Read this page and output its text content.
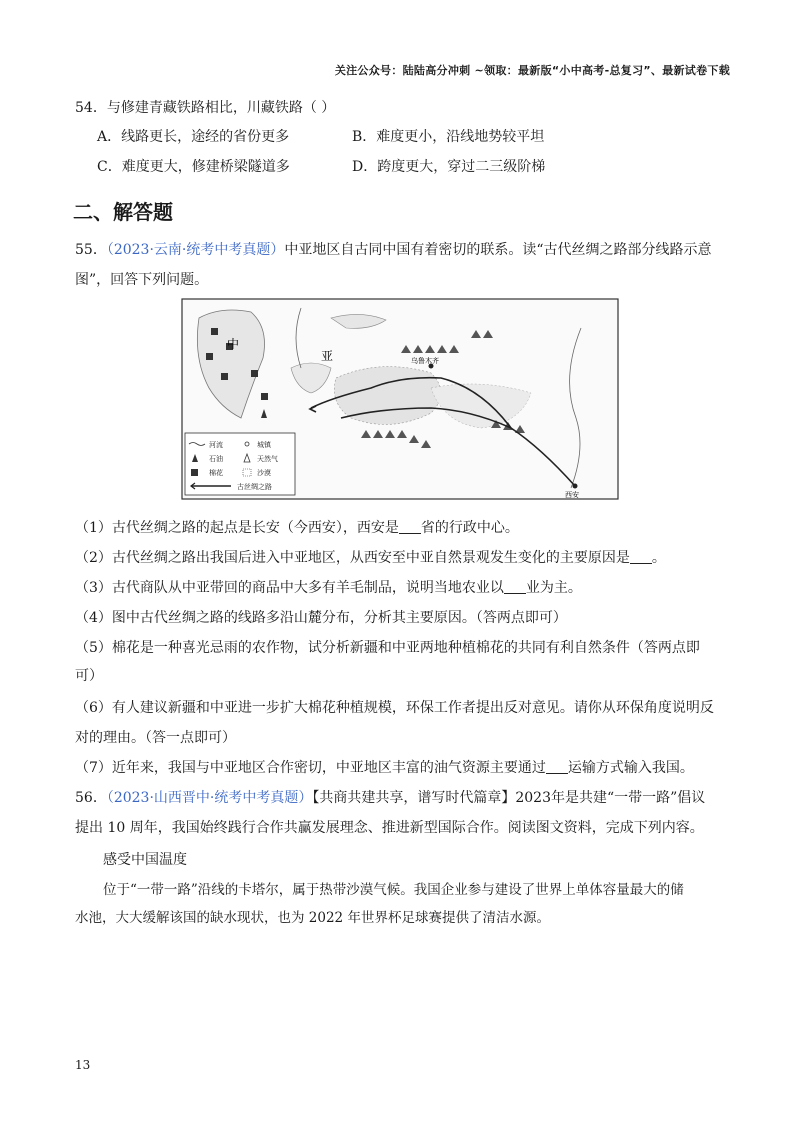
关注公众号：陆陆高分冲刺 ~领取：最新版“小中高考-总复习”、最新试卷下载
54．与修建青藏铁路相比，川藏铁路（ ）
A．线路更长，途经的省份更多	B．难度更小，沿线地势较平坦
C．难度更大，修建桥梁隧道多	D．跨度更大，穿过二三级阶梯
二、解答题
55．（2023·云南·统考中考真题）中亚地区自古同中国有着密切的联系。读“古代丝绸之路部分线路示意
图”，回答下列问题。
中
亚	乌鲁木齐
西安
河流	城镇
石油	天然气
棉花	沙漠
古丝绸之路
（1）古代丝绸之路的起点是长安（今西安），西安是 省的行政中心。
（2）古代丝绸之路出我国后进入中亚地区，从西安至中亚自然景观发生变化的主要原因是 。
（3）古代商队从中亚带回的商品中大多有羊毛制品，说明当地农业以 业为主。
（4）图中古代丝绸之路的线路多沿山麓分布，分析其主要原因。（答两点即可）
（5）棉花是一种喜光忌雨的农作物，试分析新疆和中亚两地种植棉花的共同有利自然条件（答两点即
可）
（6）有人建议新疆和中亚进一步扩大棉花种植规模，环保工作者提出反对意见。请你从环保角度说明反
对的理由。（答一点即可）
（7）近年来，我国与中亚地区合作密切，中亚地区丰富的油气资源主要通过 运输方式输入我国。
56．（2023·山西晋中·统考中考真题）【共商共建共享，谱写时代篇章】2023年是共建“一带一路”倡议
提出 10 周年，我国始终践行合作共赢发展理念、推进新型国际合作。阅读图文资料，完成下列内容。
感受中国温度
位于“一带一路”沿线的卡塔尔，属于热带沙漠气候。我国企业参与建设了世界上单体容量最大的储
水池，大大缓解该国的缺水现状，也为 2022 年世界杯足球赛提供了清洁水源。
13
